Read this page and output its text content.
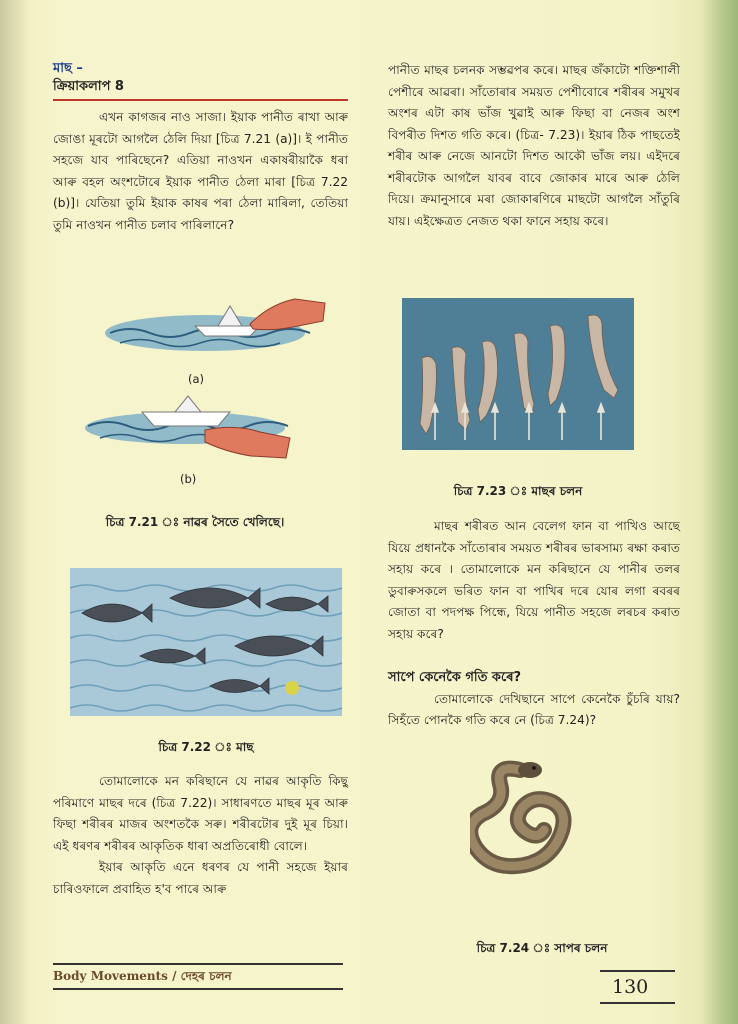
মাছ –
ক্ৰিয়াকলাপ 8

এখন কাগজৰ নাও সাজা। ইয়াক পানীত ৰাখা আৰু জোঙা মূৰটো আগলৈ ঠেলি দিয়া [চিত্ৰ 7.21 (a)]। ই পানীত সহজে যাব পাৰিছেনে? এতিয়া নাওখন একাষৰীয়াকৈ ধৰা আৰু বহল অংশটোৰে ইয়াক পানীত ঠেলা মাৰা [চিত্ৰ 7.22 (b)]। যেতিয়া তুমি ইয়াক কাষৰ পৰা ঠেলা মাৰিলা, তেতিয়া তুমি নাওখন পানীত চলাব পাৰিলানে?

(a)
(b)
চিত্ৰ 7.21 ঃ নাৱৰ সৈতে খেলিছে।
চিত্ৰ 7.22 ঃ মাছ

তোমালোকে মন কৰিছানে যে নাৱৰ আকৃতি কিছু পৰিমাণে মাছৰ দৰে (চিত্ৰ 7.22)। সাধাৰণতে মাছৰ মূৰ আৰু ফিছা শৰীৰৰ মাজৰ অংশতকৈ সৰু। শৰীৰটোৰ দুই মূৰ চিয়া। এই ধৰণৰ শৰীৰৰ আকৃতিক ধাৰা অপ্ৰতিৰোধী বোলে।

ইয়াৰ আকৃতি এনে ধৰণৰ যে পানী সহজে ইয়াৰ চাৰিওফালে প্ৰবাহিত হ'ব পাৰে আৰু

পানীত মাছৰ চলনক সম্ভৱপৰ কৰে। মাছৰ জঁকাটো শক্তিশালী পেশীৰে আৱৰা। সাঁতোৰাৰ সময়ত পেশীবোৰে শৰীৰৰ সমুখৰ অংশৰ এটা কাষ ভাঁজ খুৱাই আৰু ফিছা বা নেজৰ অংশ বিপৰীত দিশত গতি কৰে। (চিত্ৰ- 7.23)। ইয়াৰ ঠিক পাছতেই শৰীৰ আৰু নেজে আনটো দিশত আকৌ ভাঁজ লয়। এইদৰে শৰীৰটোক আগলৈ যাবৰ বাবে জোকাৰ মাৰে আৰু ঠেলি দিয়ে। ক্ৰমানুসাৰে মৰা জোকাৰণিৰে মাছটো আগলৈ সাঁতুৰি যায়। এইক্ষেত্ৰত নেজত থকা ফানে সহায় কৰে।

চিত্ৰ 7.23 ঃ মাছৰ চলন

মাছৰ শৰীৰত আন বেলেগ ফান বা পাখিও আছে যিয়ে প্ৰধানকৈ সাঁতোৰাৰ সময়ত শৰীৰৰ ভাৰসাম্য ৰক্ষা কৰাত সহায় কৰে । তোমালোকে মন কৰিছানে যে পানীৰ তলৰ ডুবাৰুসকলে ভৰিত ফান বা পাখিৰ দৰে যোৰ লগা ৰবৰৰ জোতা বা পদপক্ষ পিন্ধে, যিয়ে পানীত সহজে লৰচৰ কৰাত সহায় কৰে?

সাপে কেনেকৈ গতি কৰে?

তোমালোকে দেখিছানে সাপে কেনেকৈ চুঁচৰি যায়? সিহঁতে পোনকৈ গতি কৰে নে (চিত্ৰ 7.24)?

চিত্ৰ 7.24 ঃ সাপৰ চলন
Body Movements / দেহৰ চলন	130
